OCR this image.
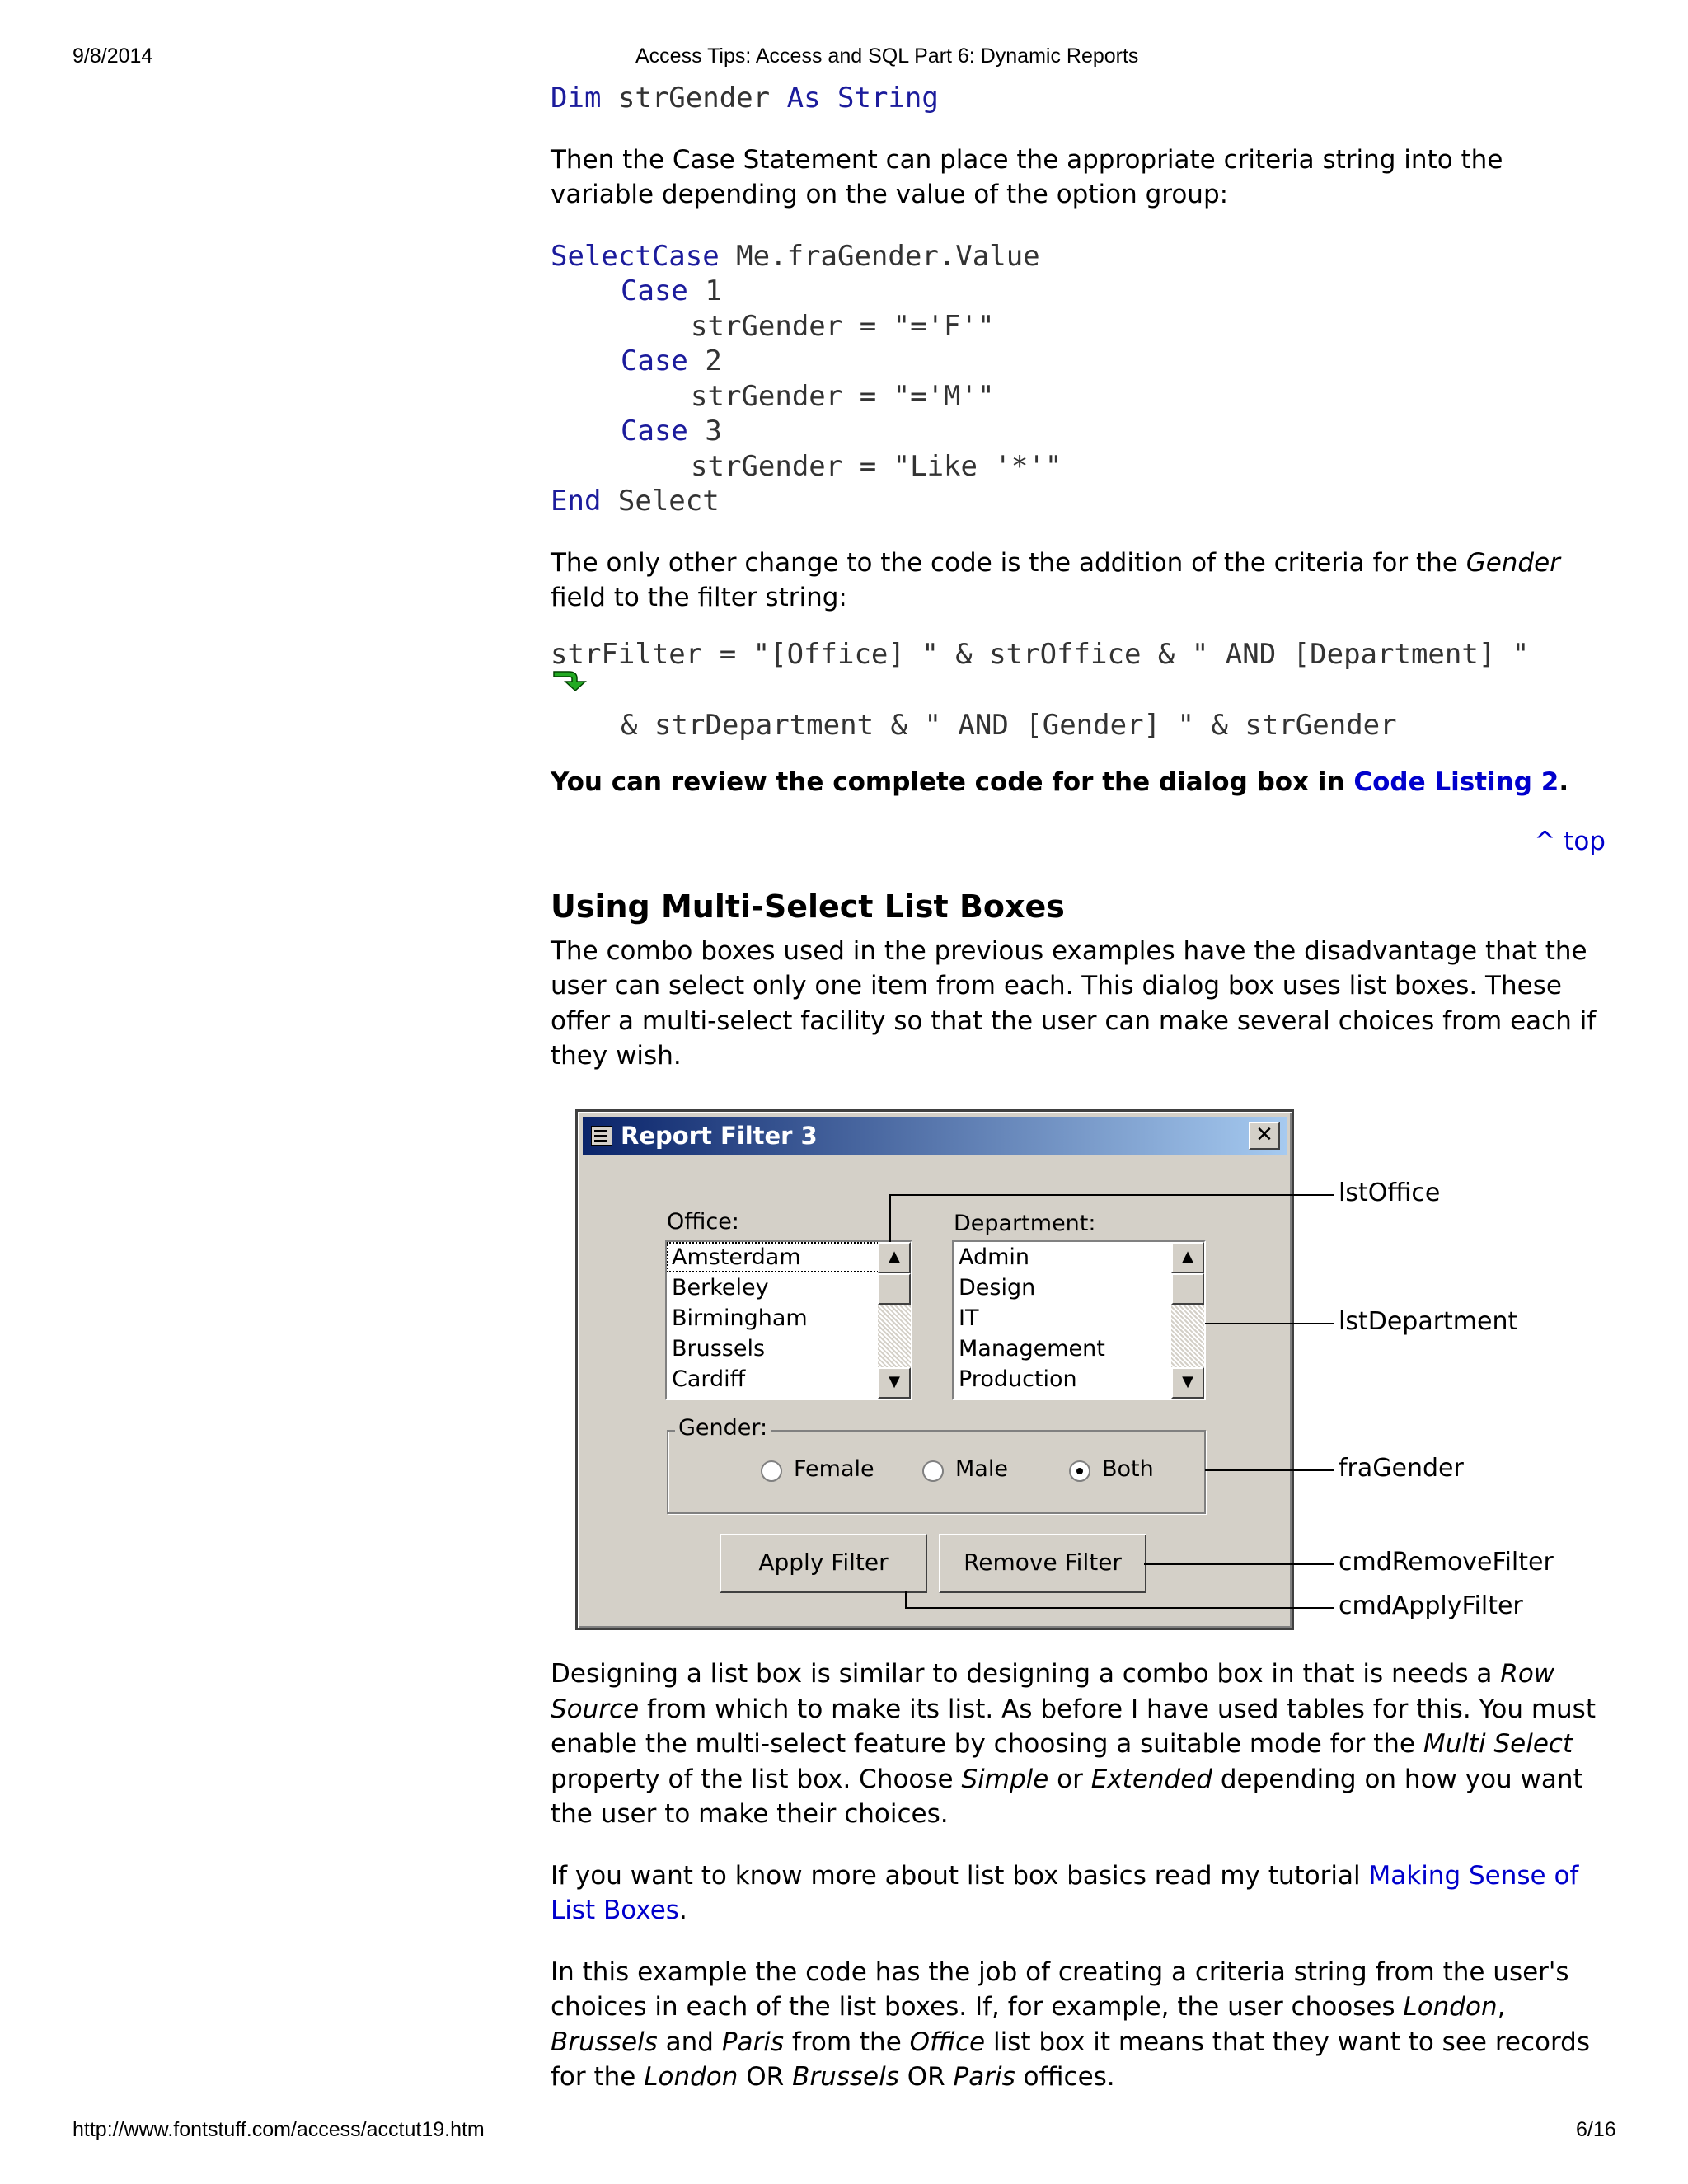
9/8/2014	Access Tips: Access and SQL Part 6: Dynamic Reports
Dim strGender As String

Then the Case Statement can place the appropriate criteria string into the variable depending on the value of the option group:

SelectCase Me.fraGender.Value
Case 1
strGender = "='F'"
Case 2
strGender = "='M'"
Case 3
strGender = "Like '*'"
End Select

The only other change to the code is the addition of the criteria for the Gender field to the filter string:

strFilter = "[Office] " & strOffice & " AND [Department] "
& strDepartment & " AND [Gender] " & strGender

You can review the complete code for the dialog box in Code Listing 2.

^ top

Using Multi-Select List Boxes

The combo boxes used in the previous examples have the disadvantage that the user can select only one item from each. This dialog box uses list boxes. These offer a multi-select facility so that the user can make several choices from each if they wish.

Report Filter 3	✕
Office:
Amsterdam
Berkeley
Birmingham
Brussels
Cardiff
▲
▼
Department:
Admin
Design
IT
Management
Production
▲
▼
Gender:
Female	Male	Both
Apply Filter	Remove Filter
lstOffice
lstDepartment
fraGender
cmdRemoveFilter
cmdApplyFilter

Designing a list box is similar to designing a combo box in that is needs a Row Source from which to make its list. As before I have used tables for this. You must enable the multi-select feature by choosing a suitable mode for the Multi Select property of the list box. Choose Simple or Extended depending on how you want the user to make their choices.

If you want to know more about list box basics read my tutorial Making Sense of List Boxes.

In this example the code has the job of creating a criteria string from the user's choices in each of the list boxes. If, for example, the user chooses London, Brussels and Paris from the Office list box it means that they want to see records for the London OR Brussels OR Paris offices.

http://www.fontstuff.com/access/acctut19.htm	6/16
